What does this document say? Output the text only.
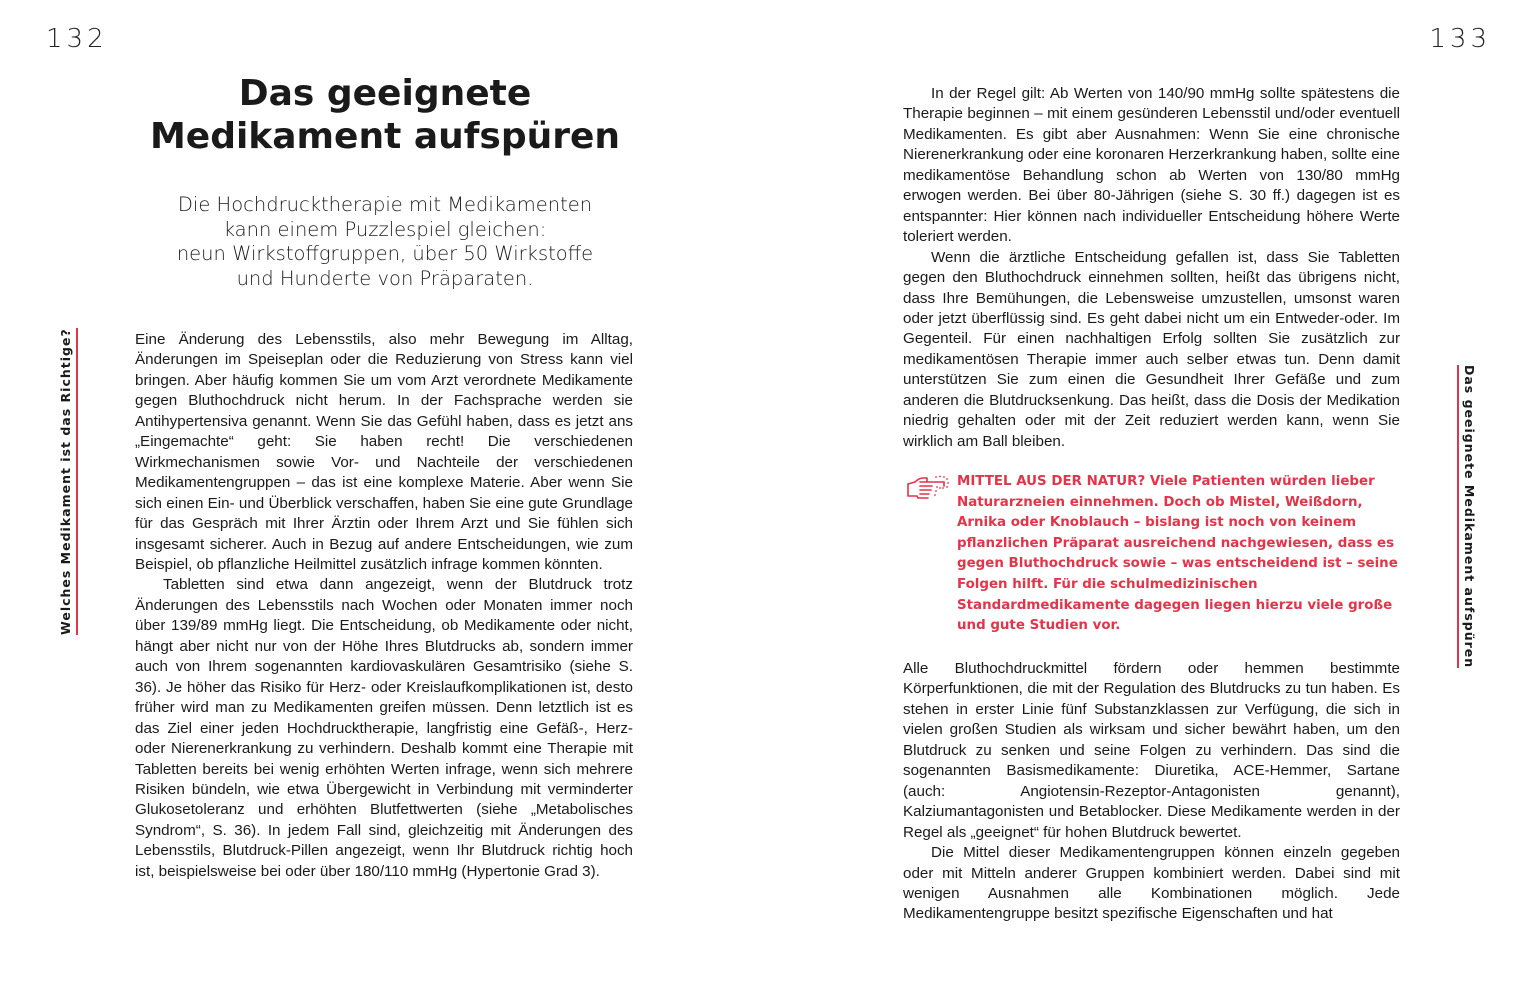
132	133
Welches Medikament ist das Richtige?	Das geeignete Medikament aufspüren
Das geeignete
Medikament aufspüren

Die Hochdrucktherapie mit Medikamenten
kann einem Puzzlespiel gleichen:
neun Wirkstoffgruppen, über 50 Wirkstoffe
und Hunderte von Präparaten.

Eine Änderung des Lebensstils, also mehr Bewegung im Alltag, Änderungen im Speiseplan oder die Reduzierung von Stress kann viel bringen. Aber häufig kommen Sie um vom Arzt verordnete Medikamente gegen Bluthochdruck nicht herum. In der Fachsprache werden sie Antihypertensiva genannt. Wenn Sie das Gefühl haben, dass es jetzt ans „Eingemachte“ geht: Sie haben recht! Die verschiedenen Wirkmechanismen sowie Vor- und Nachteile der verschiedenen Medikamentengruppen – das ist eine komplexe Materie. Aber wenn Sie sich einen Ein- und Überblick verschaffen, haben Sie eine gute Grundlage für das Gespräch mit Ihrer Ärztin oder Ihrem Arzt und Sie fühlen sich insgesamt sicherer. Auch in Bezug auf andere Entscheidungen, wie zum Beispiel, ob pflanzliche Heilmittel zusätzlich infrage kommen könnten.

Tabletten sind etwa dann angezeigt, wenn der Blutdruck trotz Änderungen des Lebensstils nach Wochen oder Monaten immer noch über 139/89 mmHg liegt. Die Entscheidung, ob Medikamente oder nicht, hängt aber nicht nur von der Höhe Ihres Blutdrucks ab, sondern immer auch von Ihrem sogenannten kardiovaskulären Gesamtrisiko (siehe S. 36). Je höher das Risiko für Herz- oder Kreislaufkomplikationen ist, desto früher wird man zu Medikamenten greifen müssen. Denn letztlich ist es das Ziel einer jeden Hochdrucktherapie, langfristig eine Gefäß-, Herz- oder Nierenerkrankung zu verhindern. Deshalb kommt eine Therapie mit Tabletten bereits bei wenig erhöhten Werten infrage, wenn sich mehrere Risiken bündeln, wie etwa Übergewicht in Verbindung mit verminderter Glukosetoleranz und erhöhten Blutfettwerten (siehe „Metabolisches Syndrom“, S. 36). In jedem Fall sind, gleichzeitig mit Änderungen des Lebensstils, Blutdruck-Pillen angezeigt, wenn Ihr Blutdruck richtig hoch ist, beispielsweise bei oder über 180/110 mmHg (Hypertonie Grad 3).

In der Regel gilt: Ab Werten von 140/90 mmHg sollte spätestens die Therapie beginnen – mit einem gesünderen Lebensstil und/oder eventuell Medikamenten. Es gibt aber Ausnahmen: Wenn Sie eine chronische Nierenerkrankung oder eine koronaren Herzerkrankung haben, sollte eine medikamentöse Behandlung schon ab Werten von 130/80 mmHg erwogen werden. Bei über 80-Jährigen (siehe S. 30 ff.) dagegen ist es entspannter: Hier können nach individueller Entscheidung höhere Werte toleriert werden.

Wenn die ärztliche Entscheidung gefallen ist, dass Sie Tabletten gegen den Bluthochdruck einnehmen sollten, heißt das übrigens nicht, dass Ihre Bemühungen, die Lebensweise umzustellen, umsonst waren oder jetzt überflüssig sind. Es geht dabei nicht um ein Entweder-oder. Im Gegenteil. Für einen nachhaltigen Erfolg sollten Sie zusätzlich zur medikamentösen Therapie immer auch selber etwas tun. Denn damit unterstützen Sie zum einen die Gesundheit Ihrer Gefäße und zum anderen die Blutdrucksenkung. Das heißt, dass die Dosis der Medikation niedrig gehalten oder mit der Zeit reduziert werden kann, wenn Sie wirklich am Ball bleiben.

MITTEL AUS DER NATUR? Viele Patienten würden lieber Naturarzneien einnehmen. Doch ob Mistel, Weißdorn, Arnika oder Knoblauch – bislang ist noch von keinem pflanzlichen Präparat ausreichend nachgewiesen, dass es gegen Bluthochdruck sowie – was entscheidend ist – seine Folgen hilft. Für die schulmedizinischen Standardmedikamente dagegen liegen hierzu viele große und gute Studien vor.

Alle Bluthochdruckmittel fördern oder hemmen bestimmte Körperfunktionen, die mit der Regulation des Blutdrucks zu tun haben. Es stehen in erster Linie fünf Substanzklassen zur Verfügung, die sich in vielen großen Studien als wirksam und sicher bewährt haben, um den Blutdruck zu senken und seine Folgen zu verhindern. Das sind die sogenannten Basismedikamente: Diuretika, ACE-Hemmer, Sartane (auch: Angiotensin-Rezeptor-Antagonisten genannt), Kalziumantagonisten und Betablocker. Diese Medikamente werden in der Regel als „geeignet“ für hohen Blutdruck bewertet.

Die Mittel dieser Medikamentengruppen können einzeln gegeben oder mit Mitteln anderer Gruppen kombiniert werden. Dabei sind mit wenigen Ausnahmen alle Kombinationen möglich. Jede Medikamentengruppe besitzt spezifische Eigenschaften und hat
